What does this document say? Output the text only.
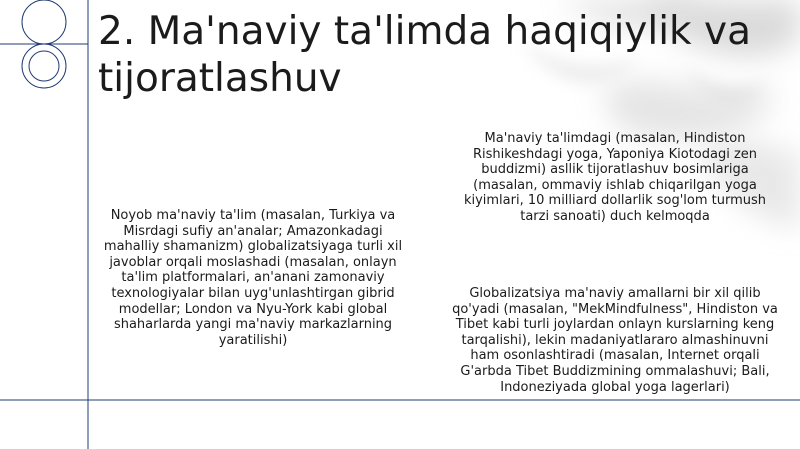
2. Ma'naviy ta'limda haqiqiylik va tijoratlashuv

Noyob ma'naviy ta'lim (masalan, Turkiya va Misrdagi sufiy an'analar; Amazonkadagi mahalliy shamanizm) globalizatsiyaga turli xil javoblar orqali moslashadi (masalan, onlayn ta'lim platformalari, an'anani zamonaviy texnologiyalar bilan uyg'unlashtirgan gibrid modellar; London va Nyu-York kabi global shaharlarda yangi ma'naviy markazlarning yaratilishi)

Ma'naviy ta'limdagi (masalan, Hindiston Rishikeshdagi yoga, Yaponiya Kiotodagi zen buddizmi) asllik tijoratlashuv bosimlariga (masalan, ommaviy ishlab chiqarilgan yoga kiyimlari, 10 milliard dollarlik sog'lom turmush tarzi sanoati) duch kelmoqda

Globalizatsiya ma'naviy amallarni bir xil qilib qo'yadi (masalan, "MekMindfulness", Hindiston va Tibet kabi turli joylardan onlayn kurslarning keng tarqalishi), lekin madaniyatlararo almashinuvni ham osonlashtiradi (masalan, Internet orqali G'arbda Tibet Buddizmining ommalashuvi; Bali, Indoneziyada global yoga lagerlari)
